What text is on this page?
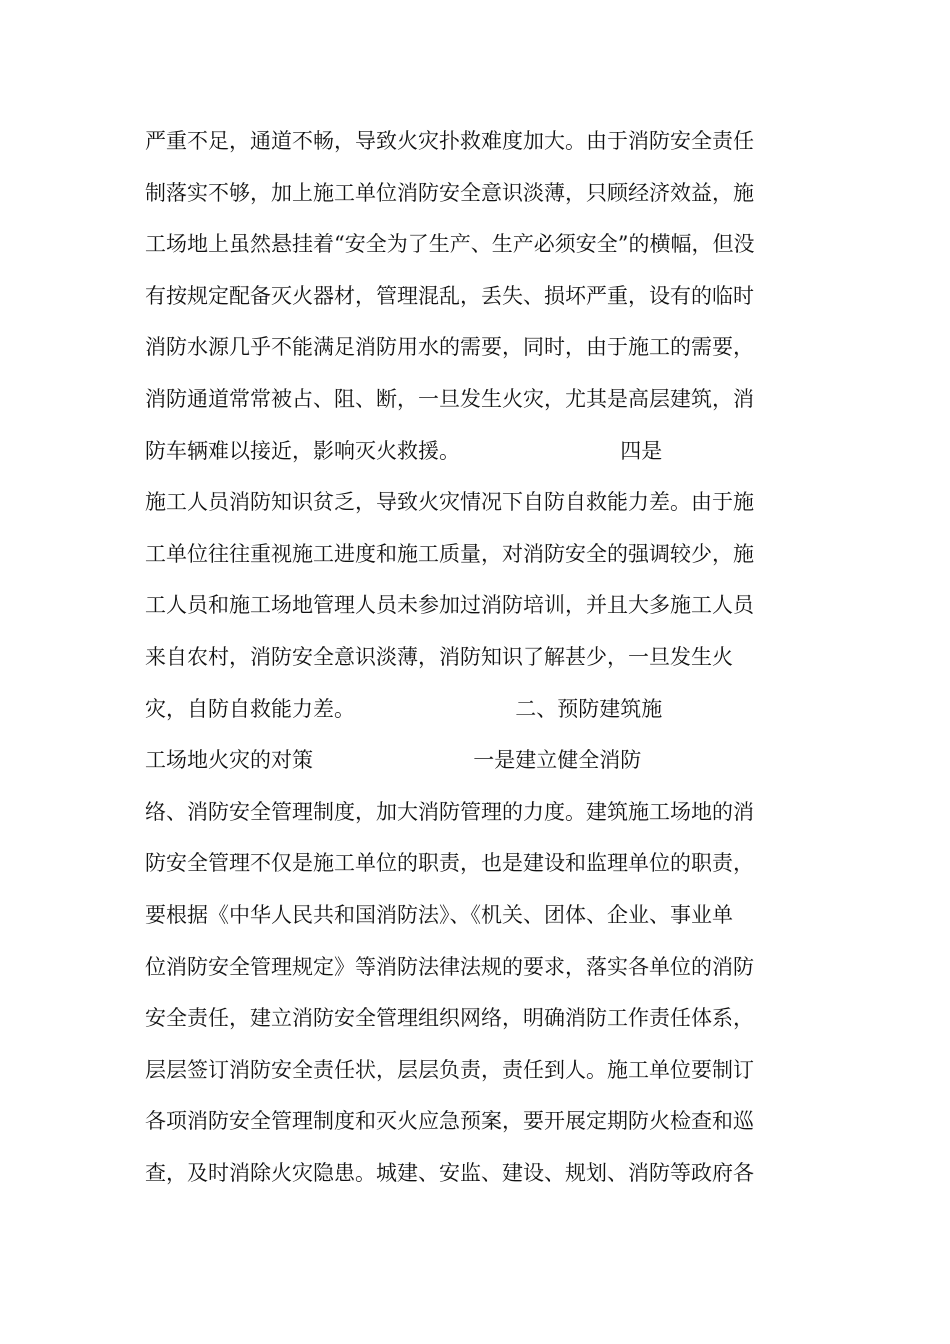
严重不足，通道不畅，导致火灾扑救难度加大。由于消防安全责任
制落实不够，加上施工单位消防安全意识淡薄，只顾经济效益，施
工场地上虽然悬挂着“安全为了生产、生产必须安全”的横幅，但没
有按规定配备灭火器材，管理混乱，丢失、损坏严重，设有的临时
消防水源几乎不能满足消防用水的需要，同时，由于施工的需要，
消防通道常常被占、阻、断，一旦发生火灾，尤其是高层建筑，消
防车辆难以接近，影响灭火救援。                        四是
施工人员消防知识贫乏，导致火灾情况下自防自救能力差。由于施
工单位往往重视施工进度和施工质量，对消防安全的强调较少，施
工人员和施工场地管理人员未参加过消防培训，并且大多施工人员
来自农村，消防安全意识淡薄，消防知识了解甚少，一旦发生火
灾，自防自救能力差。                        二、预防建筑施
工场地火灾的对策                        一是建立健全消防
络、消防安全管理制度，加大消防管理的力度。建筑施工场地的消
防安全管理不仅是施工单位的职责，也是建设和监理单位的职责，
要根据《中华人民共和国消防法》、《机关、团体、企业、事业单
位消防安全管理规定》等消防法律法规的要求，落实各单位的消防
安全责任，建立消防安全管理组织网络，明确消防工作责任体系，
层层签订消防安全责任状，层层负责，责任到人。施工单位要制订
各项消防安全管理制度和灭火应急预案，要开展定期防火检查和巡
查，及时消除火灾隐患。城建、安监、建设、规划、消防等政府各
